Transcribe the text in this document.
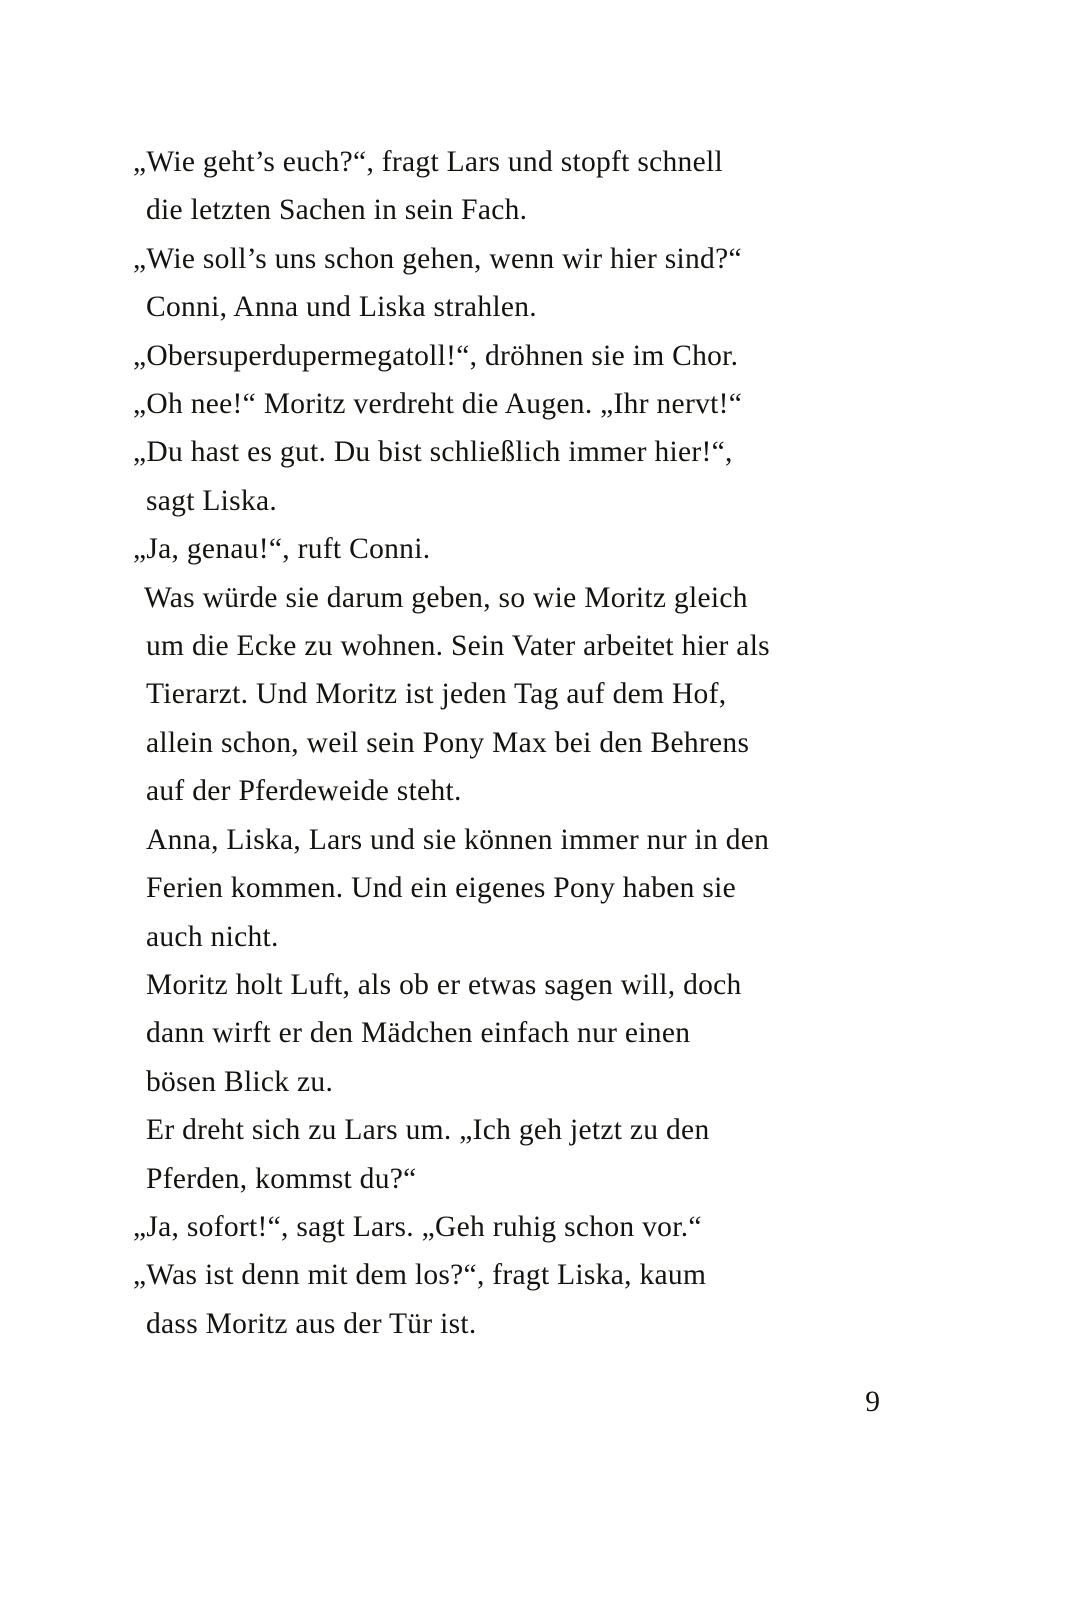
„Wie geht’s euch?“, fragt Lars und stopft schnell
die letzten Sachen in sein Fach.
„Wie soll’s uns schon gehen, wenn wir hier sind?“
Conni, Anna und Liska strahlen.
„Obersuperdupermegatoll!“, dröhnen sie im Chor.
„Oh nee!“ Moritz verdreht die Augen. „Ihr nervt!“
„Du hast es gut. Du bist schließlich immer hier!“,
sagt Liska.
„Ja, genau!“, ruft Conni.
Was würde sie darum geben, so wie Moritz gleich
um die Ecke zu wohnen. Sein Vater arbeitet hier als
Tierarzt. Und Moritz ist jeden Tag auf dem Hof,
allein schon, weil sein Pony Max bei den Behrens
auf der Pferdeweide steht.
Anna, Liska, Lars und sie können immer nur in den
Ferien kommen. Und ein eigenes Pony haben sie
auch nicht.
Moritz holt Luft, als ob er etwas sagen will, doch
dann wirft er den Mädchen einfach nur einen
bösen Blick zu.
Er dreht sich zu Lars um. „Ich geh jetzt zu den
Pferden, kommst du?“
„Ja, sofort!“, sagt Lars. „Geh ruhig schon vor.“
„Was ist denn mit dem los?“, fragt Liska, kaum
dass Moritz aus der Tür ist.
9
